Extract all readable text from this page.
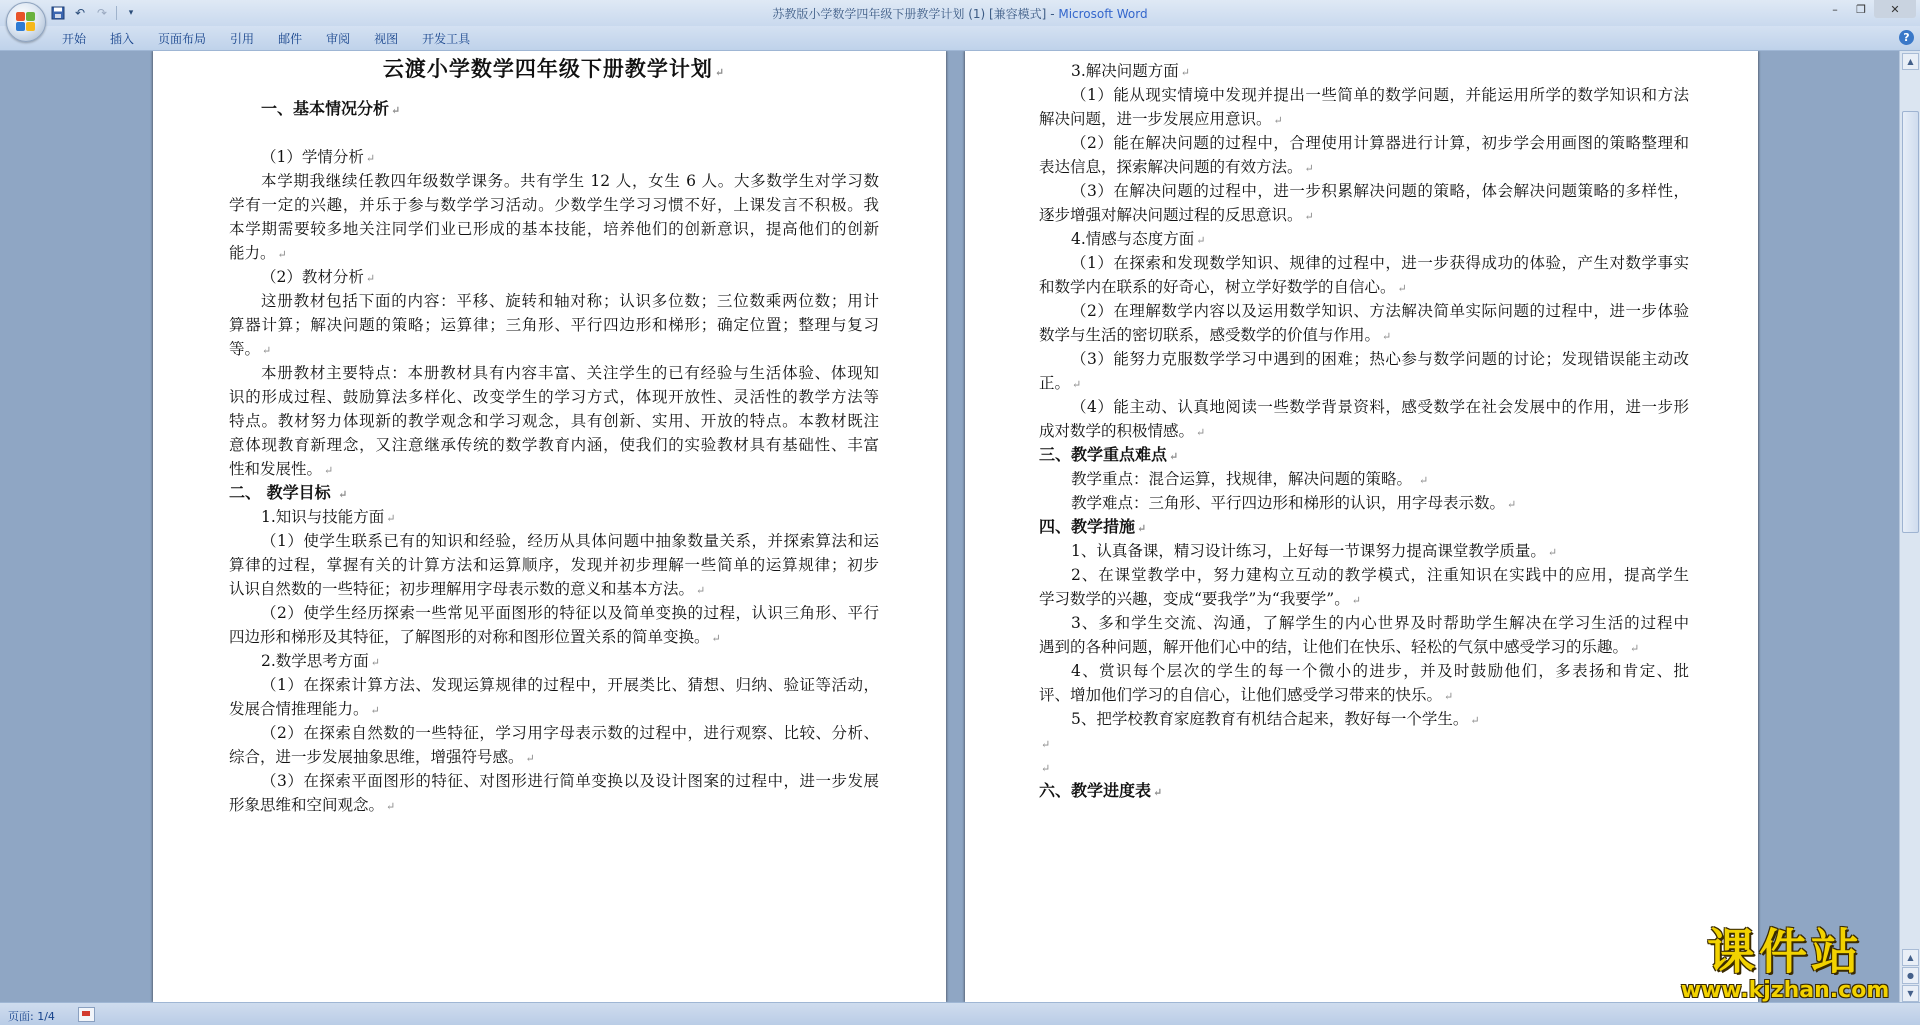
苏教版小学数学四年级下册教学计划 (1) [兼容模式] - Microsoft Word
↶ ↷	▾	–	❐	✕
开始	插入	页面布局	引用	邮件	审阅	视图	开发工具	?
云渡小学数学四年级下册教学计划 ↵
一、基本情况分析 ↵
（1）学情分析 ↵
本学期我继续任教四年级数学课务。共有学生 12 人，女生 6 人。大多数学生对学习数
学有一定的兴趣，并乐于参与数学学习活动。少数学生学习习惯不好，上课发言不积极。我
本学期需要较多地关注同学们业已形成的基本技能，培养他们的创新意识，提高他们的创新
能力。 ↵
（2）教材分析 ↵
这册教材包括下面的内容：平移、旋转和轴对称；认识多位数；三位数乘两位数；用计
算器计算；解决问题的策略；运算律；三角形、平行四边形和梯形；确定位置；整理与复习
等。 ↵
本册教材主要特点：本册教材具有内容丰富、关注学生的已有经验与生活体验、体现知
识的形成过程、鼓励算法多样化、改变学生的学习方式，体现开放性、灵活性的教学方法等
特点。教材努力体现新的教学观念和学习观念，具有创新、实用、开放的特点。本教材既注
意体现教育新理念，又注意继承传统的数学教育内涵，使我们的实验教材具有基础性、丰富
性和发展性。 ↵
二、 教学目标 ↵
1.知识与技能方面 ↵
（1）使学生联系已有的知识和经验，经历从具体问题中抽象数量关系，并探索算法和运
算律的过程，掌握有关的计算方法和运算顺序，发现并初步理解一些简单的运算规律；初步
认识自然数的一些特征；初步理解用字母表示数的意义和基本方法。 ↵
（2）使学生经历探索一些常见平面图形的特征以及简单变换的过程，认识三角形、平行
四边形和梯形及其特征，了解图形的对称和图形位置关系的简单变换。 ↵
2.数学思考方面 ↵
（1）在探索计算方法、发现运算规律的过程中，开展类比、猜想、归纳、验证等活动，
发展合情推理能力。 ↵
（2）在探索自然数的一些特征，学习用字母表示数的过程中，进行观察、比较、分析、
综合，进一步发展抽象思维，增强符号感。 ↵
（3）在探索平面图形的特征、对图形进行简单变换以及设计图案的过程中，进一步发展
形象思维和空间观念。 ↵
3.解决问题方面 ↵
（1）能从现实情境中发现并提出一些简单的数学问题，并能运用所学的数学知识和方法
解决问题，进一步发展应用意识。 ↵
（2）能在解决问题的过程中，合理使用计算器进行计算，初步学会用画图的策略整理和
表达信息，探索解决问题的有效方法。 ↵
（3）在解决问题的过程中，进一步积累解决问题的策略，体会解决问题策略的多样性，
逐步增强对解决问题过程的反思意识。 ↵
4.情感与态度方面 ↵
（1）在探索和发现数学知识、规律的过程中，进一步获得成功的体验，产生对数学事实
和数学内在联系的好奇心，树立学好数学的自信心。 ↵
（2）在理解数学内容以及运用数学知识、方法解决简单实际问题的过程中，进一步体验
数学与生活的密切联系，感受数学的价值与作用。 ↵
（3）能努力克服数学学习中遇到的困难；热心参与数学问题的讨论；发现错误能主动改
正。 ↵
（4）能主动、认真地阅读一些数学背景资料，感受数学在社会发展中的作用，进一步形
成对数学的积极情感。 ↵
三、教学重点难点 ↵
教学重点：混合运算，找规律，解决问题的策略。 ↵
教学难点：三角形、平行四边形和梯形的认识，用字母表示数。 ↵
四、教学措施 ↵
1、认真备课，精习设计练习，上好每一节课努力提高课堂教学质量。 ↵
2、在课堂教学中，努力建构立互动的教学模式，注重知识在实践中的应用，提高学生
学习数学的兴趣，变成“要我学”为“我要学”。 ↵
3、多和学生交流、沟通，了解学生的内心世界及时帮助学生解决在学习生活的过程中
遇到的各种问题，解开他们心中的结，让他们在快乐、轻松的气氛中感受学习的乐趣。 ↵
4、赏识每个层次的学生的每一个微小的进步，并及时鼓励他们，多表扬和肯定、批
评、增加他们学习的自信心，让他们感受学习带来的快乐。 ↵
5、把学校教育家庭教育有机结合起来，教好每一个学生。 ↵
↵
↵
六、教学进度表 ↵
▲
▲
●
▼
页面: 1/4
课件站
www.kjzhan.com
